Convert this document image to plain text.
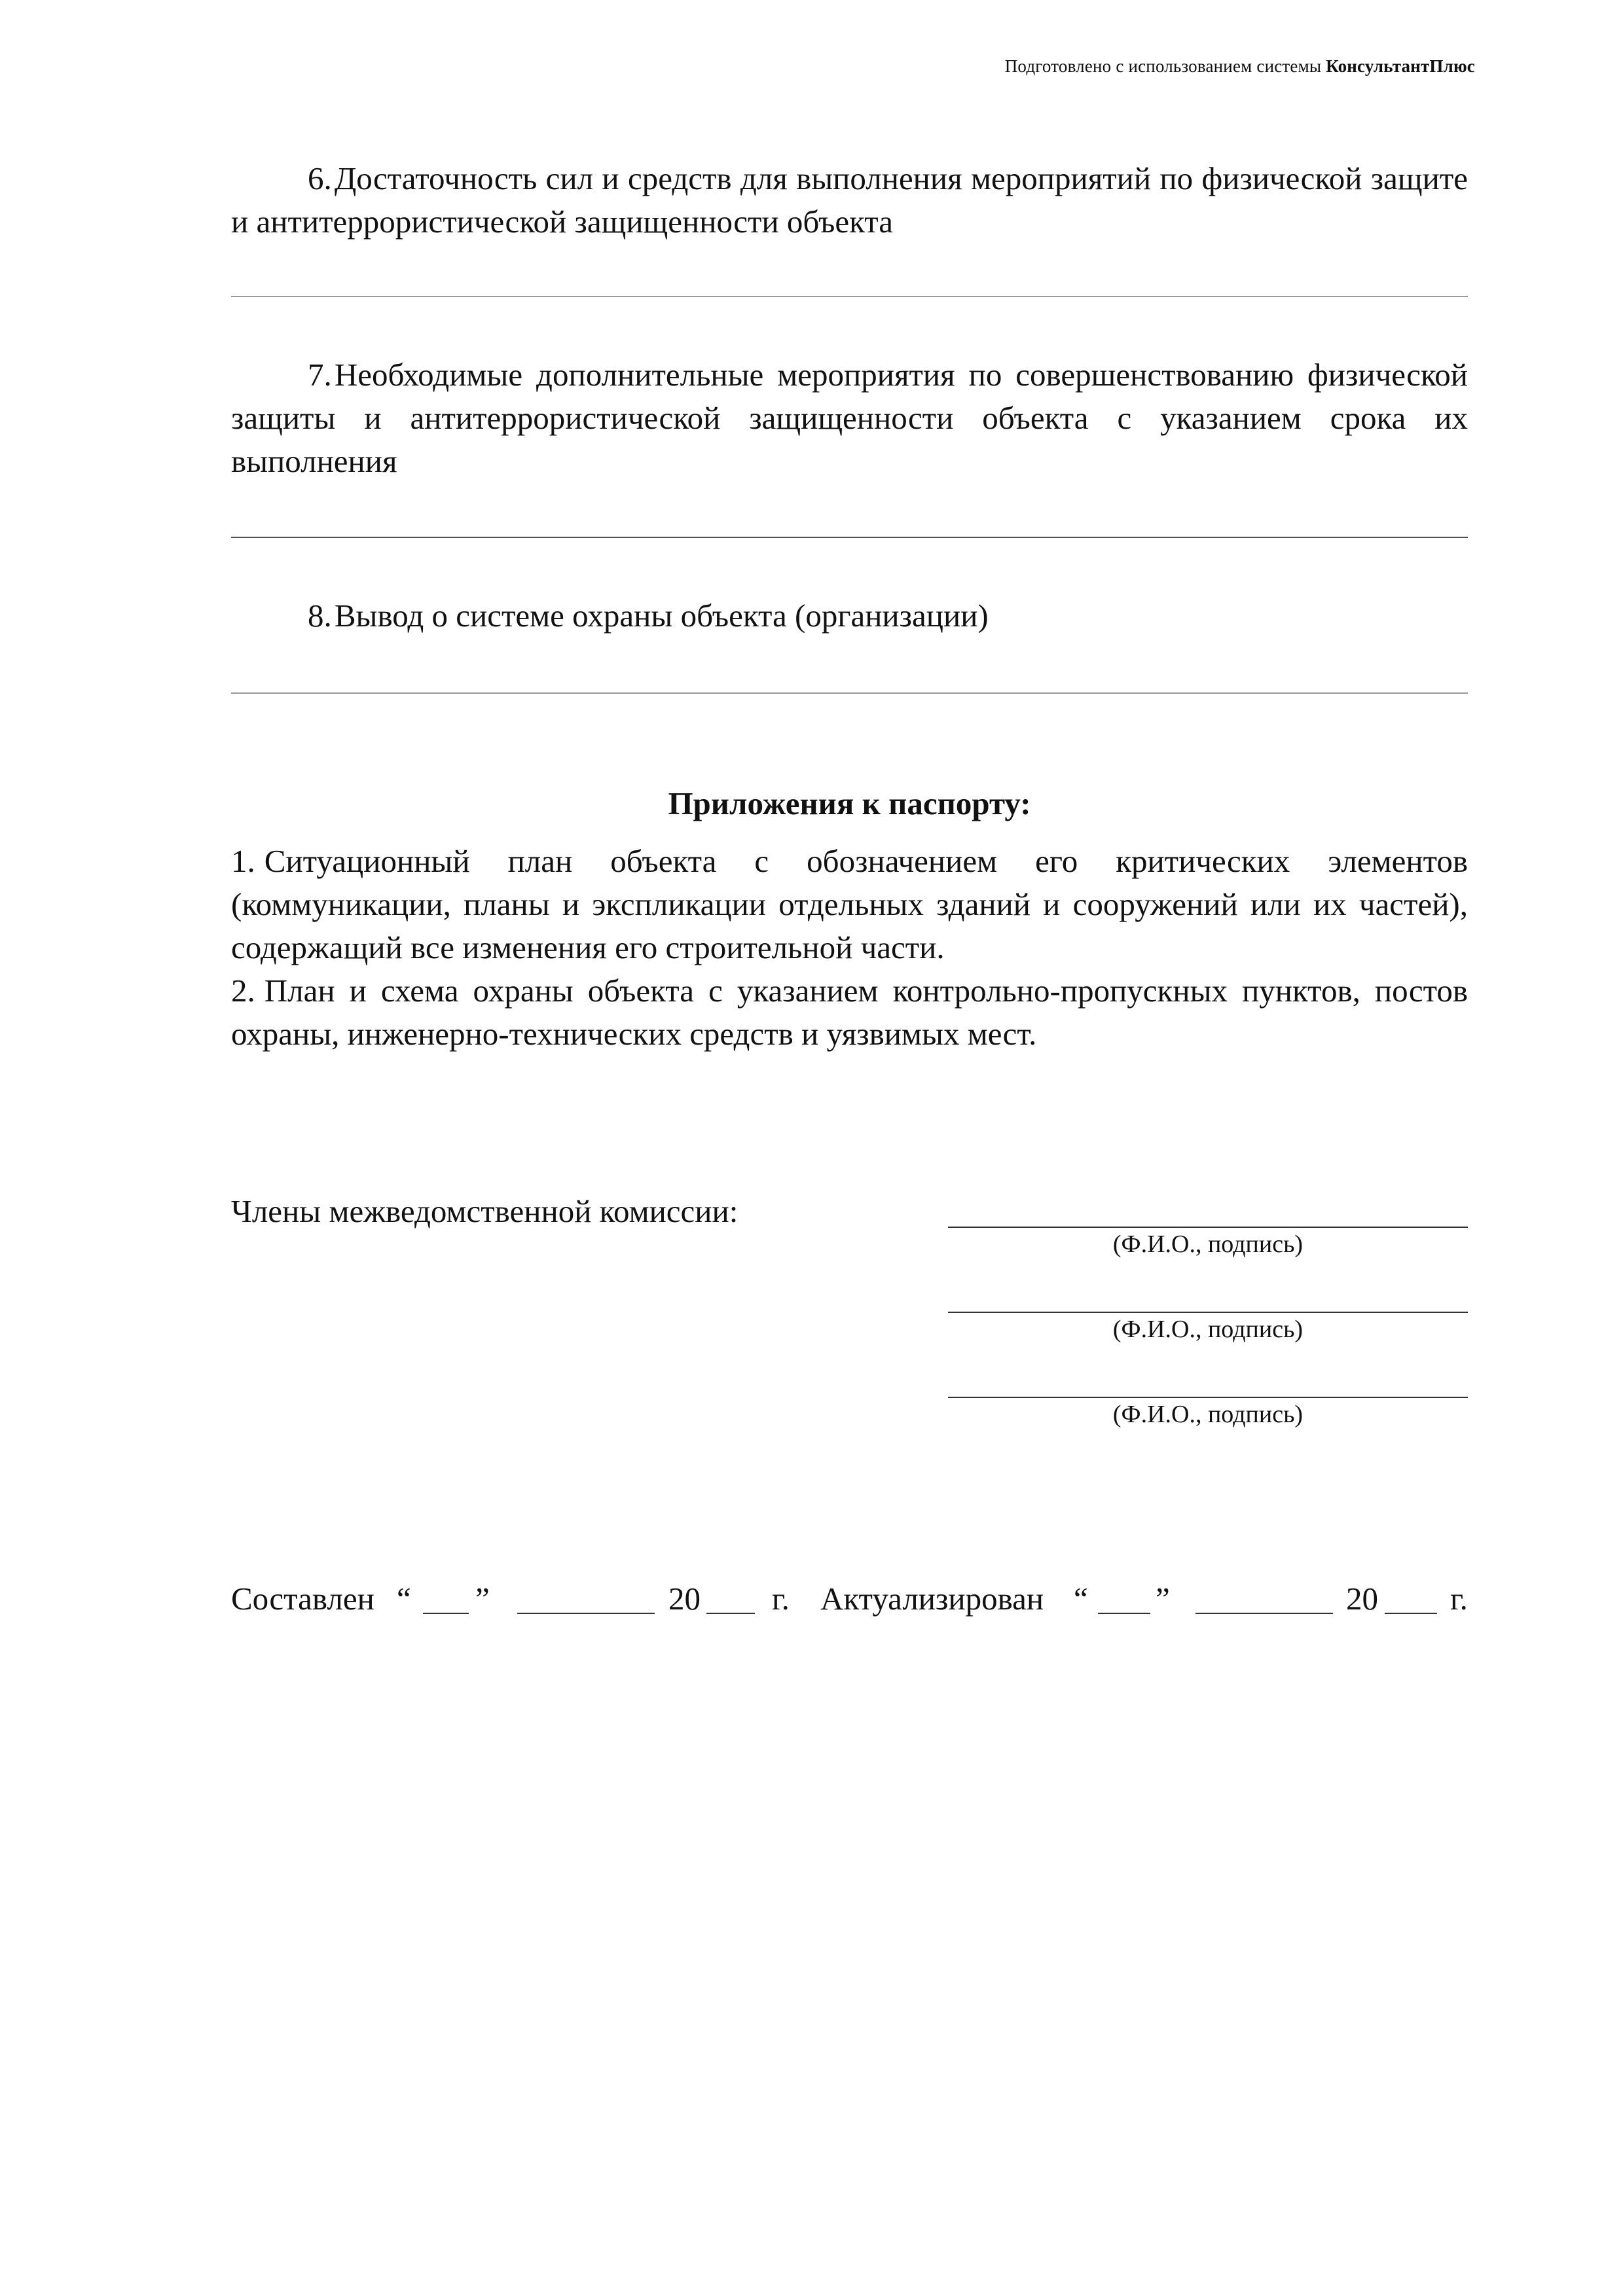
Подготовлено с использованием системы КонсультантПлюс
6. Достаточность сил и средств для выполнения мероприятий по физической защите и антитеррористической защищенности объекта
7. Необходимые дополнительные мероприятия по совершенствованию физической защиты и антитеррористической защищенности объекта с указанием срока их выполнения
8. Вывод о системе охраны объекта (организации)
Приложения к паспорту:
1. Ситуационный план объекта с обозначением его критических элементов (коммуникации, планы и экспликации отдельных зданий и сооружений или их частей), содержащий все изменения его строительной части.
2. План и схема охраны объекта с указанием контрольно-пропускных пунктов, постов охраны, инженерно-технических средств и уязвимых мест.
Члены межведомственной комиссии:
(Ф.И.О., подпись)
(Ф.И.О., подпись)
(Ф.И.О., подпись)
Составлен “ ”	20 г. Актуализирован “ ”	20 г.
